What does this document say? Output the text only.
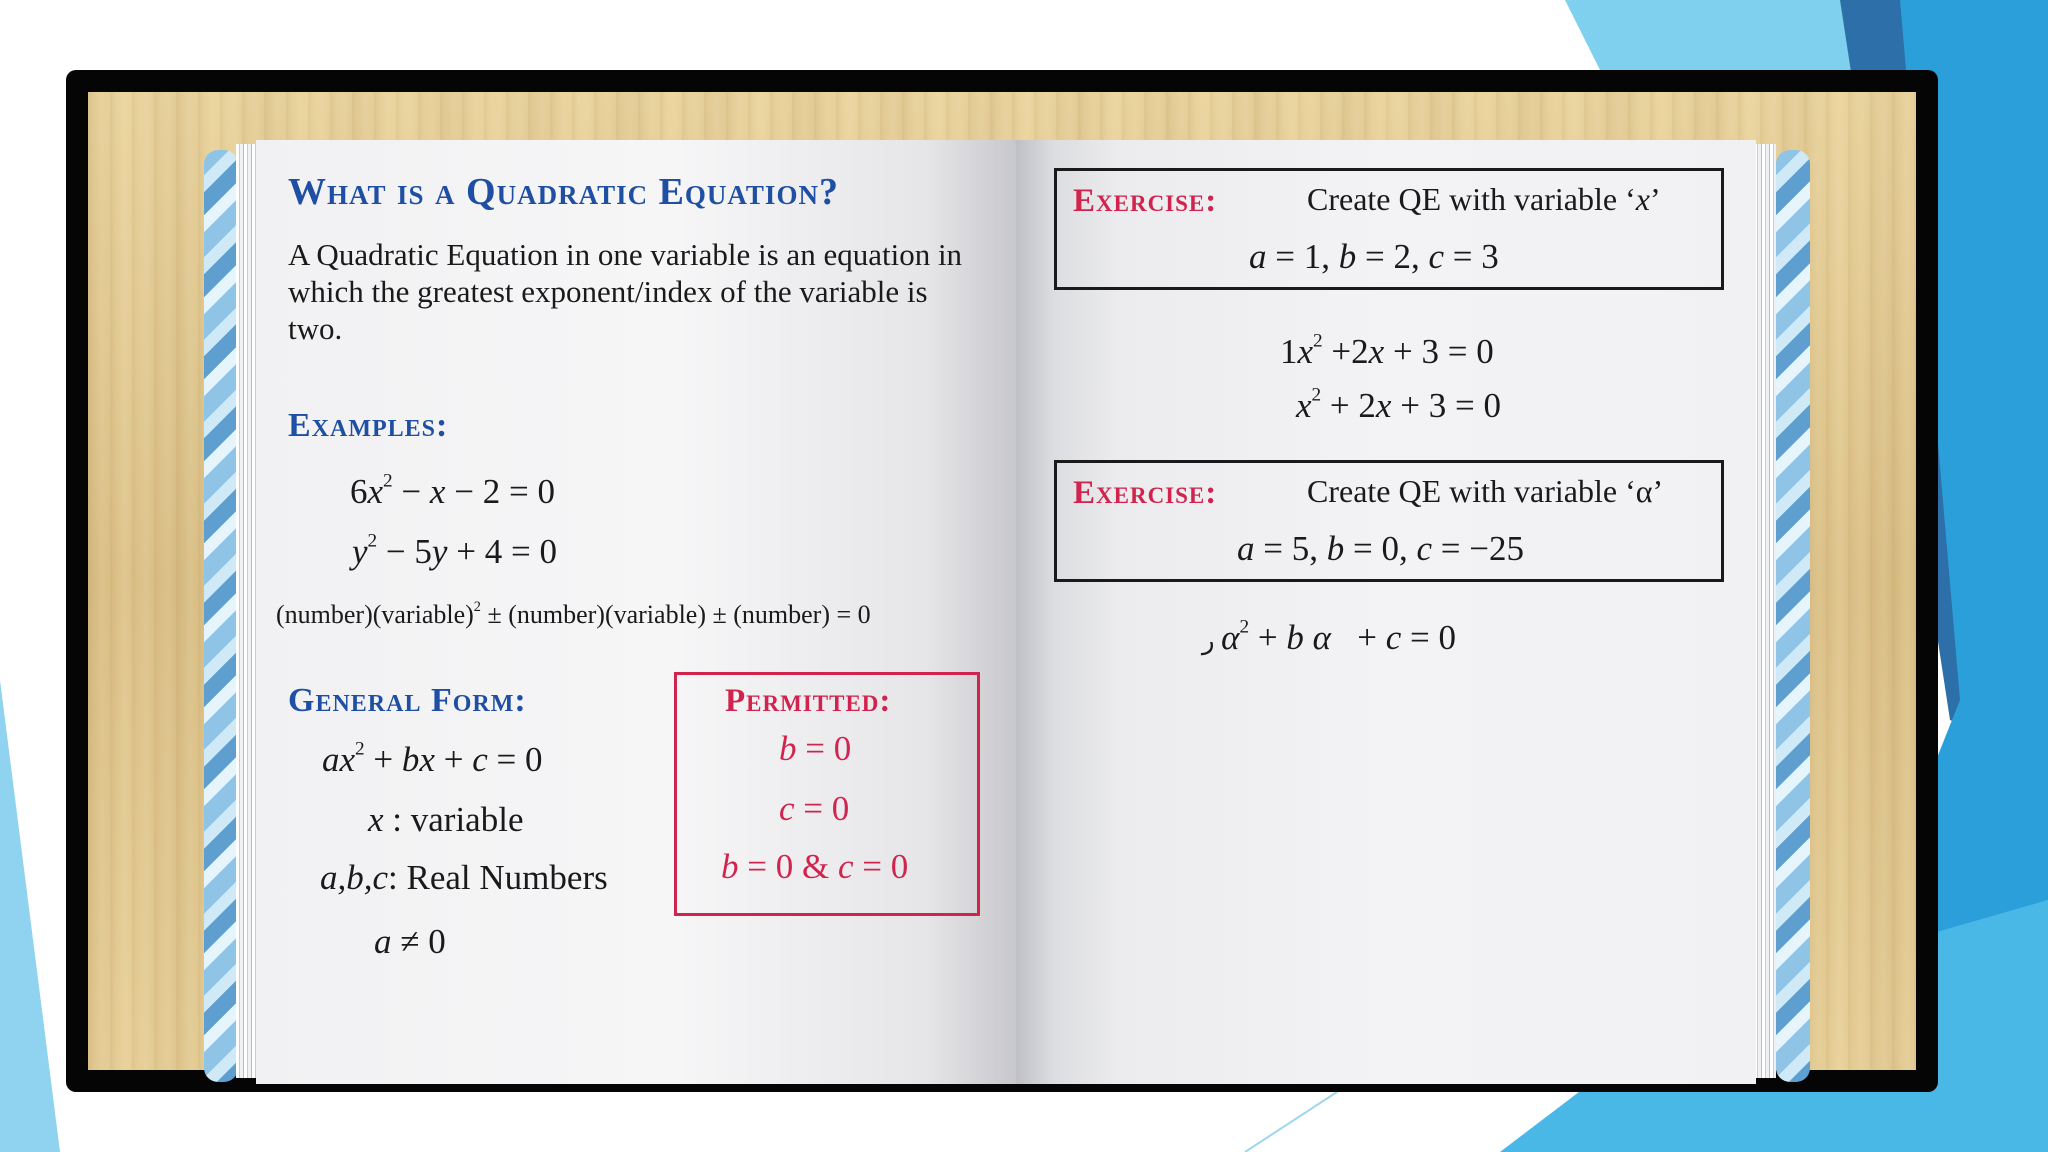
What is a Quadratic Equation?
A Quadratic Equation in one variable is an equation in which the greatest exponent/index of the variable is two.
Examples:
$6x^2 - x - 2 = 0$
$y^2 - 5y + 4 = 0$
(number)(variable)$^2$ ± (number)(variable) ± (number) = 0
General Form:
$ax^2$ + bx + c = 0
x : variable
a,b,c: Real Numbers
a ≠ 0
Permitted:
b = 0
c = 0
b = 0 & c = 0
Exercise:	Create QE with variable ‘x’
a = 1, b = 2, c = 3
$1x^2 +2x + 3 = 0$
$x^2 + 2x + 3 = 0$
Exercise:	Create QE with variable ‘α’
a = 5, b = 0, c = −25
ر $\alpha^2 + b$ α   + c = 0
